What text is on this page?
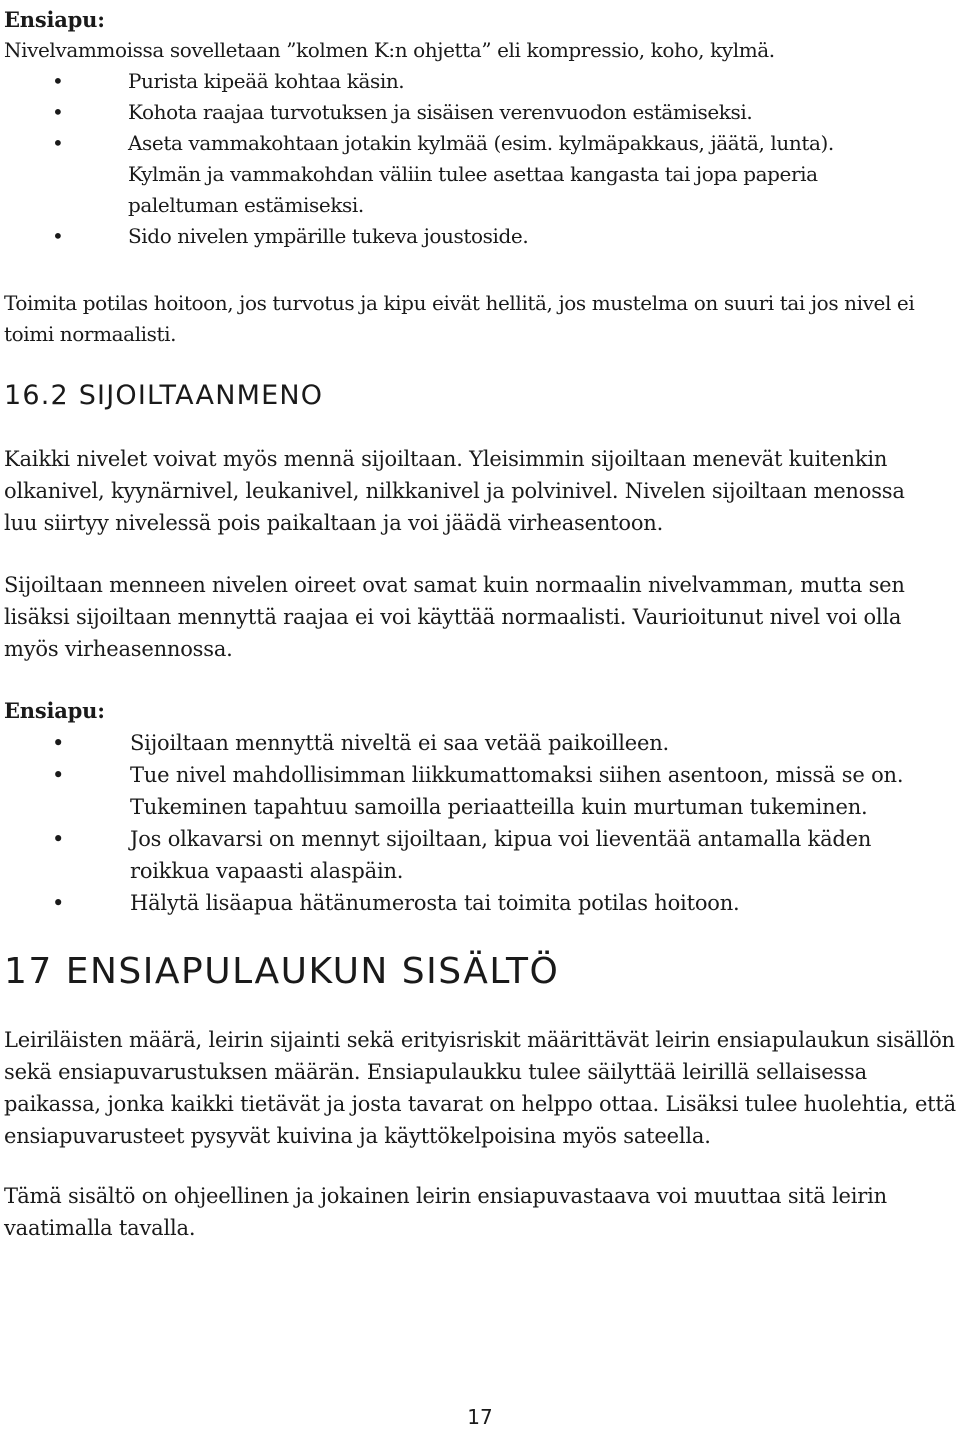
Ensiapu:
Nivelvammoissa sovelletaan ”kolmen K:n ohjetta” eli kompressio, koho, kylmä.
•	Purista kipeää kohtaa käsin.
•	Kohota raajaa turvotuksen ja sisäisen verenvuodon estämiseksi.
•	Aseta vammakohtaan jotakin kylmää (esim. kylmäpakkaus, jäätä, lunta). Kylmän ja vammakohdan väliin tulee asettaa kangasta tai jopa paperia paleltuman estämiseksi.
•	Sido nivelen ympärille tukeva joustoside.

Toimita potilas hoitoon, jos turvotus ja kipu eivät hellitä, jos mustelma on suuri tai jos nivel ei toimi normaalisti.

16.2 SIJOILTAANMENO

Kaikki nivelet voivat myös mennä sijoiltaan. Yleisimmin sijoiltaan menevät kuitenkin olkanivel, kyynärnivel, leukanivel, nilkkanivel ja polvinivel. Nivelen sijoiltaan menossa luu siirtyy nivelessä pois paikaltaan ja voi jäädä virheasentoon.

Sijoiltaan menneen nivelen oireet ovat samat kuin normaalin nivelvamman, mutta sen lisäksi sijoiltaan mennyttä raajaa ei voi käyttää normaalisti. Vaurioitunut nivel voi olla myös virheasennossa.

Ensiapu:
•	Sijoiltaan mennyttä niveltä ei saa vetää paikoilleen.
•	Tue nivel mahdollisimman liikkumattomaksi siihen asentoon, missä se on. Tukeminen tapahtuu samoilla periaatteilla kuin murtuman tukeminen.
•	Jos olkavarsi on mennyt sijoiltaan, kipua voi lieventää antamalla käden roikkua vapaasti alaspäin.
•	Hälytä lisäapua hätänumerosta tai toimita potilas hoitoon.
17 ENSIAPULAUKUN SISÄLTÖ

Leiriläisten määrä, leirin sijainti sekä erityisriskit määrittävät leirin ensiapulaukun sisällön sekä ensiapuvarustuksen määrän. Ensiapulaukku tulee säilyttää leirillä sellaisessa paikassa, jonka kaikki tietävät ja josta tavarat on helppo ottaa. Lisäksi tulee huolehtia, että ensiapuvarusteet pysyvät kuivina ja käyttökelpoisina myös sateella.

Tämä sisältö on ohjeellinen ja jokainen leirin ensiapuvastaava voi muuttaa sitä leirin vaatimalla tavalla.

17
